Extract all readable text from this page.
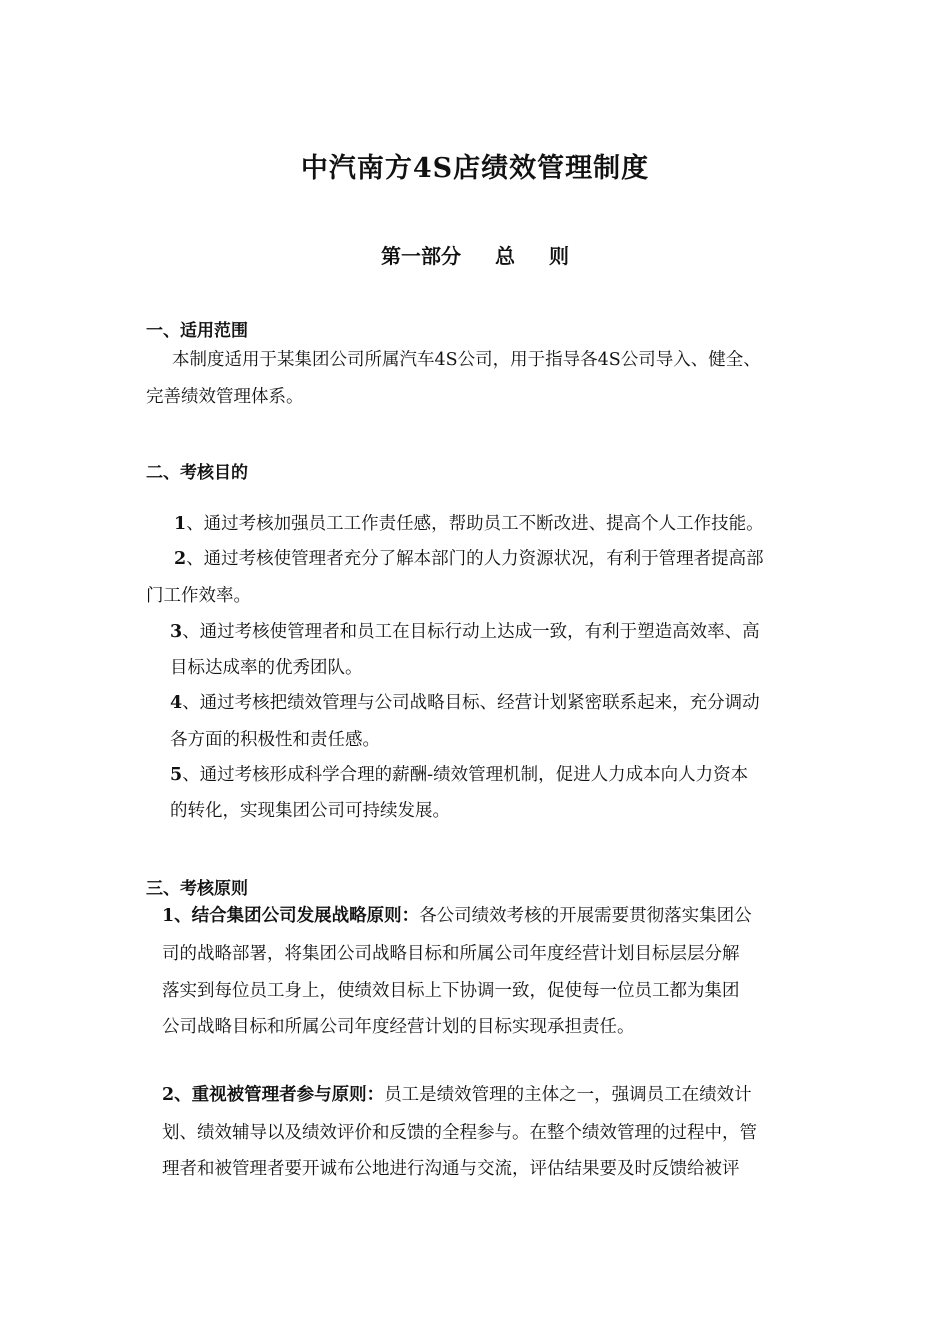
中汽南方4S店绩效管理制度
第一部分 总 则
一、适用范围
本制度适用于某集团公司所属汽车4S公司，用于指导各4S公司导入、健全、
完善绩效管理体系。
二、考核目的
1、通过考核加强员工工作责任感，帮助员工不断改进、提高个人工作技能。
2、通过考核使管理者充分了解本部门的人力资源状况，有利于管理者提高部
门工作效率。
3、通过考核使管理者和员工在目标行动上达成一致，有利于塑造高效率、高
目标达成率的优秀团队。
4、通过考核把绩效管理与公司战略目标、经营计划紧密联系起来，充分调动
各方面的积极性和责任感。
5、通过考核形成科学合理的薪酬-绩效管理机制，促进人力成本向人力资本
的转化，实现集团公司可持续发展。
三、考核原则
1、结合集团公司发展战略原则：各公司绩效考核的开展需要贯彻落实集团公
司的战略部署，将集团公司战略目标和所属公司年度经营计划目标层层分解
落实到每位员工身上，使绩效目标上下协调一致，促使每一位员工都为集团
公司战略目标和所属公司年度经营计划的目标实现承担责任。
2、重视被管理者参与原则：员工是绩效管理的主体之一，强调员工在绩效计
划、绩效辅导以及绩效评价和反馈的全程参与。在整个绩效管理的过程中，管
理者和被管理者要开诚布公地进行沟通与交流，评估结果要及时反馈给被评
